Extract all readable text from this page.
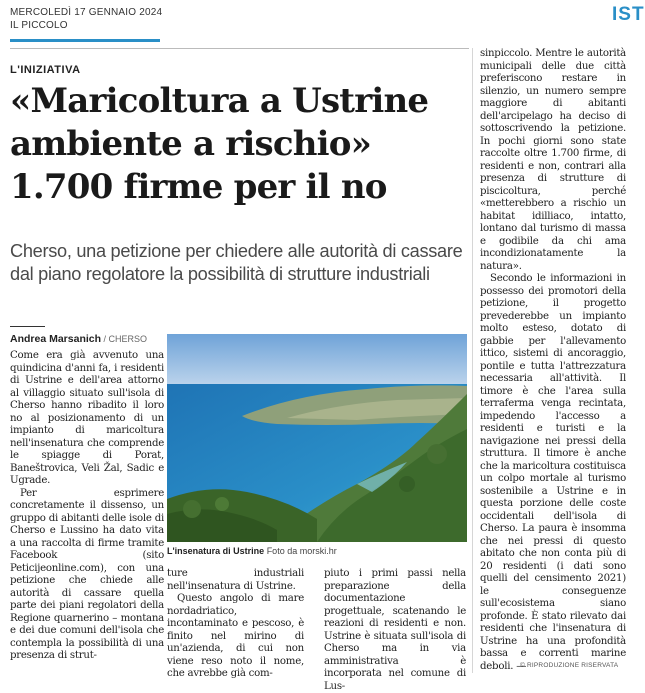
MERCOLEDÌ 17 GENNAIO 2024
IL PICCOLO
IST
L'INIZIATIVA
«Maricoltura a Ustrine
ambiente a rischio»
1.700 firme per il no
Cherso, una petizione per chiedere alle autorità di cassare dal piano regolatore la possibilità di strutture industriali
Andrea Marsanich / CHERSO

Come era già avvenuto una quindicina d'anni fa, i residenti di Ustrine e dell'area attorno al villaggio situato sull'isola di Cherso hanno ribadito il loro no al posizionamento di un impianto di maricoltura nell'insenatura che comprende le spiagge di Porat, Baneštrovica, Veli Žal, Sadic e Ugrade.

Per esprimere concretamente il dissenso, un gruppo di abitanti delle isole di Cherso e Lussino ha dato vita a una raccolta di firme tramite Facebook (sito Peticijeonline.com), con una petizione che chiede alle autorità di cassare quella parte dei piani regolatori della Regione quarnerino – montana e dei due comuni dell'isola che contempla la possibilità di una presenza di strut-

L'insenatura di Ustrine Foto da morski.hr

ture industriali nell'insenatura di Ustrine.

Questo angolo di mare nordadriatico, incontaminato e pescoso, è finito nel mirino di un'azienda, di cui non viene reso noto il nome, che avrebbe già com-

piuto i primi passi nella preparazione della documentazione progettuale, scatenando le reazioni di residenti e non. Ustrine è situata sull'isola di Cherso ma in via amministrativa è incorporata nel comune di Lus-

sinpiccolo. Mentre le autorità municipali delle due città preferiscono restare in silenzio, un numero sempre maggiore di abitanti dell'arcipelago ha deciso di sottoscrivendo la petizione. In pochi giorni sono state raccolte oltre 1.700 firme, di residenti e non, contrari alla presenza di strutture di piscicoltura, perché «metterebbero a rischio un habitat idilliaco, intatto, lontano dal turismo di massa e godibile da chi ama incondizionatamente la natura».

Secondo le informazioni in possesso dei promotori della petizione, il progetto prevederebbe un impianto molto esteso, dotato di gabbie per l'allevamento ittico, sistemi di ancoraggio, pontile e tutta l'attrezzatura necessaria all'attività. Il timore è che l'area sulla terraferma venga recintata, impedendo l'accesso a residenti e turisti e la navigazione nei pressi della struttura. Il timore è anche che la maricoltura costituisca un colpo mortale al turismo sostenibile a Ustrine e in questa porzione delle coste occidentali dell'isola di Cherso. La paura è insomma che nei pressi di questo abitato che non conta più di 20 residenti (i dati sono quelli del censimento 2021) le conseguenze sull'ecosistema siano profonde. È stato rilevato dai residenti che l'insenatura di Ustrine ha una profondità bassa e correnti marine deboli. —

© RIPRODUZIONE RISERVATA
